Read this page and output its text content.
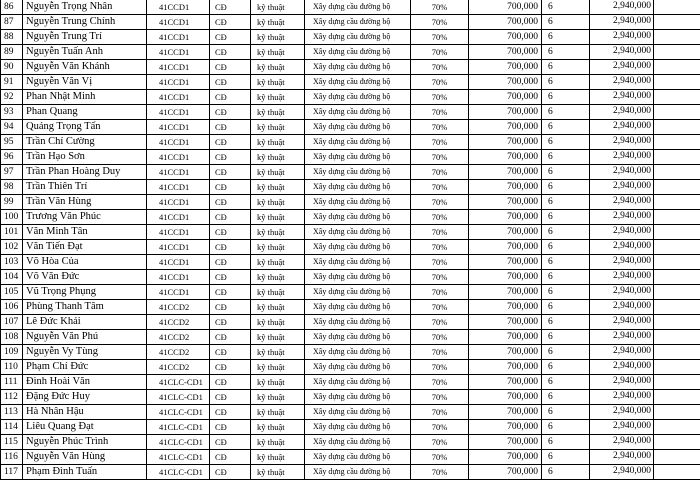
86	Nguyễn Trọng Nhân	41CCD1	CĐ	kỹ thuật	Xây dựng cầu đường bộ	70%	700,000	6	2,940,000	
87	Nguyễn Trung Chính	41CCD1	CĐ	kỹ thuật	Xây dựng cầu đường bộ	70%	700,000	6	2,940,000	
88	Nguyễn Trung Trí	41CCD1	CĐ	kỹ thuật	Xây dựng cầu đường bộ	70%	700,000	6	2,940,000	
89	Nguyễn Tuấn Anh	41CCD1	CĐ	kỹ thuật	Xây dựng cầu đường bộ	70%	700,000	6	2,940,000	
90	Nguyễn Văn Khánh	41CCD1	CĐ	kỹ thuật	Xây dựng cầu đường bộ	70%	700,000	6	2,940,000	
91	Nguyễn Văn Vị	41CCD1	CĐ	kỹ thuật	Xây dựng cầu đường bộ	70%	700,000	6	2,940,000	
92	Phan Nhật Minh	41CCD1	CĐ	kỹ thuật	Xây dựng cầu đường bộ	70%	700,000	6	2,940,000	
93	Phan Quang	41CCD1	CĐ	kỹ thuật	Xây dựng cầu đường bộ	70%	700,000	6	2,940,000	
94	Quảng Trọng Tấn	41CCD1	CĐ	kỹ thuật	Xây dựng cầu đường bộ	70%	700,000	6	2,940,000	
95	Trần Chí Cường	41CCD1	CĐ	kỹ thuật	Xây dựng cầu đường bộ	70%	700,000	6	2,940,000	
96	Trần Hạo Sơn	41CCD1	CĐ	kỹ thuật	Xây dựng cầu đường bộ	70%	700,000	6	2,940,000	
97	Trần Phan Hoàng Duy	41CCD1	CĐ	kỹ thuật	Xây dựng cầu đường bộ	70%	700,000	6	2,940,000	
98	Trần Thiên Trí	41CCD1	CĐ	kỹ thuật	Xây dựng cầu đường bộ	70%	700,000	6	2,940,000	
99	Trần Văn Hùng	41CCD1	CĐ	kỹ thuật	Xây dựng cầu đường bộ	70%	700,000	6	2,940,000	
100	Trương Văn Phúc	41CCD1	CĐ	kỹ thuật	Xây dựng cầu đường bộ	70%	700,000	6	2,940,000	
101	Văn Minh Tân	41CCD1	CĐ	kỹ thuật	Xây dựng cầu đường bộ	70%	700,000	6	2,940,000	
102	Văn Tiến Đạt	41CCD1	CĐ	kỹ thuật	Xây dựng cầu đường bộ	70%	700,000	6	2,940,000	
103	Võ Hòa Của	41CCD1	CĐ	kỹ thuật	Xây dựng cầu đường bộ	70%	700,000	6	2,940,000	
104	Võ Văn Đức	41CCD1	CĐ	kỹ thuật	Xây dựng cầu đường bộ	70%	700,000	6	2,940,000	
105	Vũ Trọng Phụng	41CCD1	CĐ	kỹ thuật	Xây dựng cầu đường bộ	70%	700,000	6	2,940,000	
106	Phùng Thanh Tâm	41CCD2	CĐ	kỹ thuật	Xây dựng cầu đường bộ	70%	700,000	6	2,940,000	
107	Lê Đức Khải	41CCD2	CĐ	kỹ thuật	Xây dựng cầu đường bộ	70%	700,000	6	2,940,000	
108	Nguyễn Văn Phú	41CCD2	CĐ	kỹ thuật	Xây dựng cầu đường bộ	70%	700,000	6	2,940,000	
109	Nguyễn Vy Tùng	41CCD2	CĐ	kỹ thuật	Xây dựng cầu đường bộ	70%	700,000	6	2,940,000	
110	Phạm Chí Đức	41CCD2	CĐ	kỹ thuật	Xây dựng cầu đường bộ	70%	700,000	6	2,940,000	
111	Đinh Hoài Văn	41CLC-CD1	CĐ	kỹ thuật	Xây dựng cầu đường bộ	70%	700,000	6	2,940,000	
112	Đặng Đức Huy	41CLC-CD1	CĐ	kỹ thuật	Xây dựng cầu đường bộ	70%	700,000	6	2,940,000	
113	Hà Nhân Hậu	41CLC-CD1	CĐ	kỹ thuật	Xây dựng cầu đường bộ	70%	700,000	6	2,940,000	
114	Liêu Quang Đạt	41CLC-CD1	CĐ	kỹ thuật	Xây dựng cầu đường bộ	70%	700,000	6	2,940,000	
115	Nguyễn Phúc Trình	41CLC-CD1	CĐ	kỹ thuật	Xây dựng cầu đường bộ	70%	700,000	6	2,940,000	
116	Nguyễn Văn Hùng	41CLC-CD1	CĐ	kỹ thuật	Xây dựng cầu đường bộ	70%	700,000	6	2,940,000	
117	Phạm Đình Tuấn	41CLC-CD1	CĐ	kỹ thuật	Xây dựng cầu đường bộ	70%	700,000	6	2,940,000	
